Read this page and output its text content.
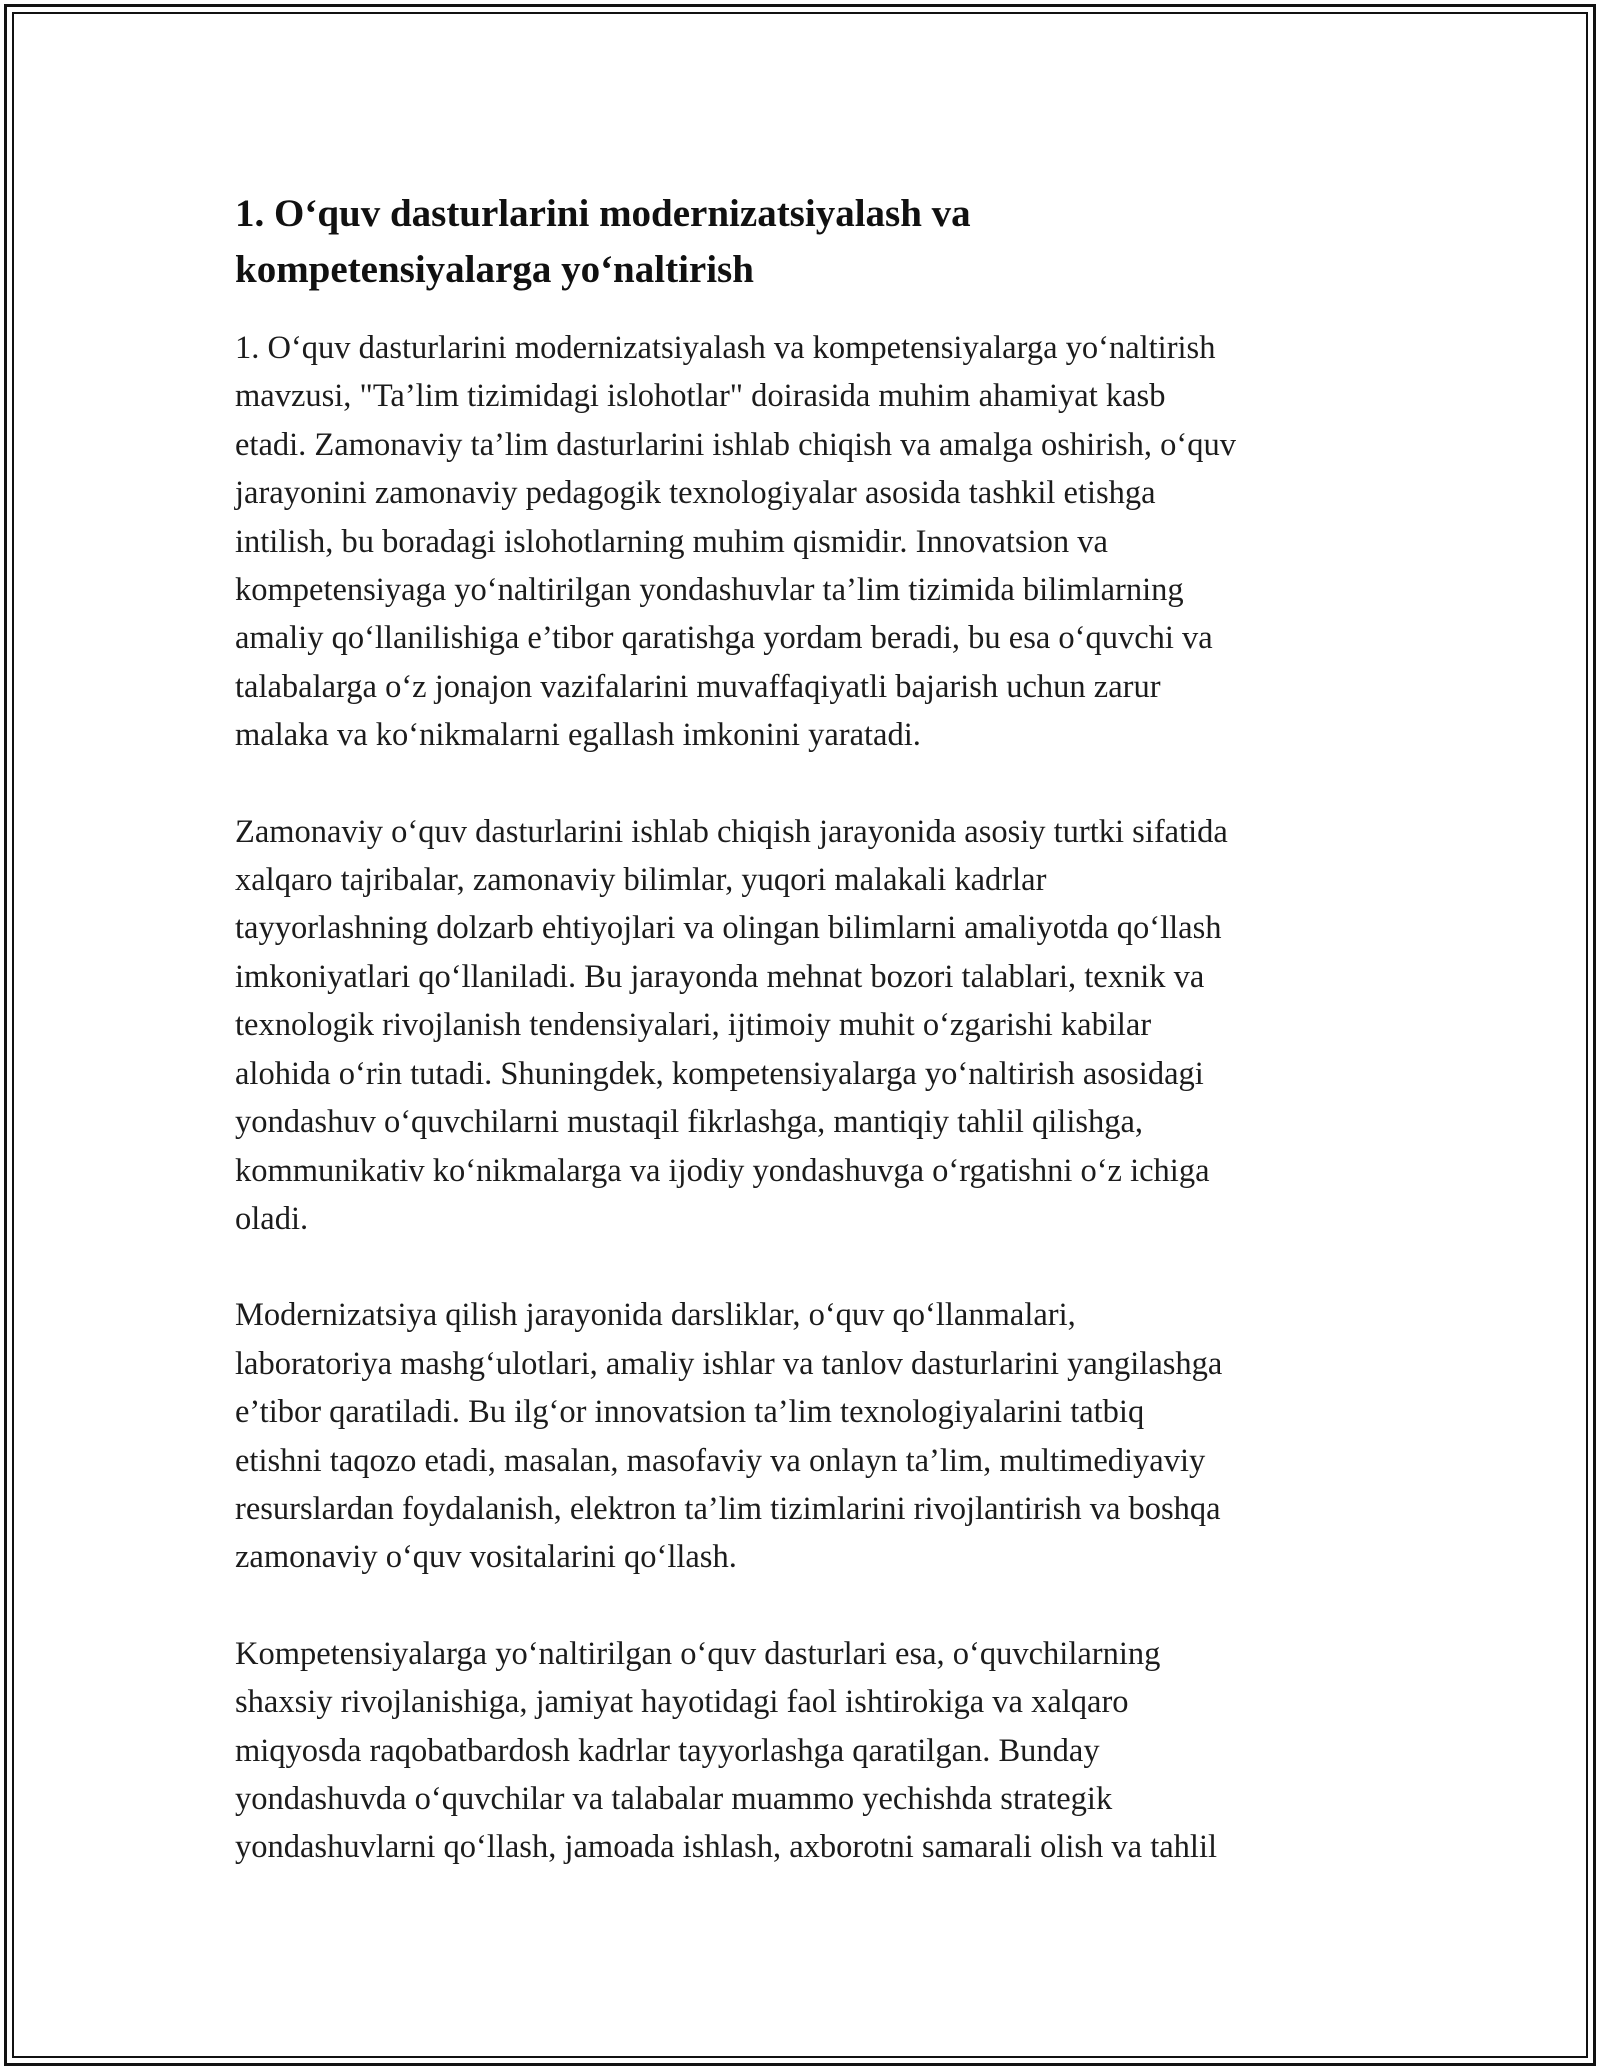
1. O‘quv dasturlarini modernizatsiyalash va
kompetensiyalarga yo‘naltirish

1. O‘quv dasturlarini modernizatsiyalash va kompetensiyalarga yo‘naltirish
mavzusi, "Ta’lim tizimidagi islohotlar" doirasida muhim ahamiyat kasb
etadi. Zamonaviy ta’lim dasturlarini ishlab chiqish va amalga oshirish, o‘quv
jarayonini zamonaviy pedagogik texnologiyalar asosida tashkil etishga
intilish, bu boradagi islohotlarning muhim qismidir. Innovatsion va
kompetensiyaga yo‘naltirilgan yondashuvlar ta’lim tizimida bilimlarning
amaliy qo‘llanilishiga e’tibor qaratishga yordam beradi, bu esa o‘quvchi va
talabalarga o‘z jonajon vazifalarini muvaffaqiyatli bajarish uchun zarur
malaka va ko‘nikmalarni egallash imkonini yaratadi.

Zamonaviy o‘quv dasturlarini ishlab chiqish jarayonida asosiy turtki sifatida
xalqaro tajribalar, zamonaviy bilimlar, yuqori malakali kadrlar
tayyorlashning dolzarb ehtiyojlari va olingan bilimlarni amaliyotda qo‘llash
imkoniyatlari qo‘llaniladi. Bu jarayonda mehnat bozori talablari, texnik va
texnologik rivojlanish tendensiyalari, ijtimoiy muhit o‘zgarishi kabilar
alohida o‘rin tutadi. Shuningdek, kompetensiyalarga yo‘naltirish asosidagi
yondashuv o‘quvchilarni mustaqil fikrlashga, mantiqiy tahlil qilishga,
kommunikativ ko‘nikmalarga va ijodiy yondashuvga o‘rgatishni o‘z ichiga
oladi.

Modernizatsiya qilish jarayonida darsliklar, o‘quv qo‘llanmalari,
laboratoriya mashg‘ulotlari, amaliy ishlar va tanlov dasturlarini yangilashga
e’tibor qaratiladi. Bu ilg‘or innovatsion ta’lim texnologiyalarini tatbiq
etishni taqozo etadi, masalan, masofaviy va onlayn ta’lim, multimediyaviy
resurslardan foydalanish, elektron ta’lim tizimlarini rivojlantirish va boshqa
zamonaviy o‘quv vositalarini qo‘llash.

Kompetensiyalarga yo‘naltirilgan o‘quv dasturlari esa, o‘quvchilarning
shaxsiy rivojlanishiga, jamiyat hayotidagi faol ishtirokiga va xalqaro
miqyosda raqobatbardosh kadrlar tayyorlashga qaratilgan. Bunday
yondashuvda o‘quvchilar va talabalar muammo yechishda strategik
yondashuvlarni qo‘llash, jamoada ishlash, axborotni samarali olish va tahlil
